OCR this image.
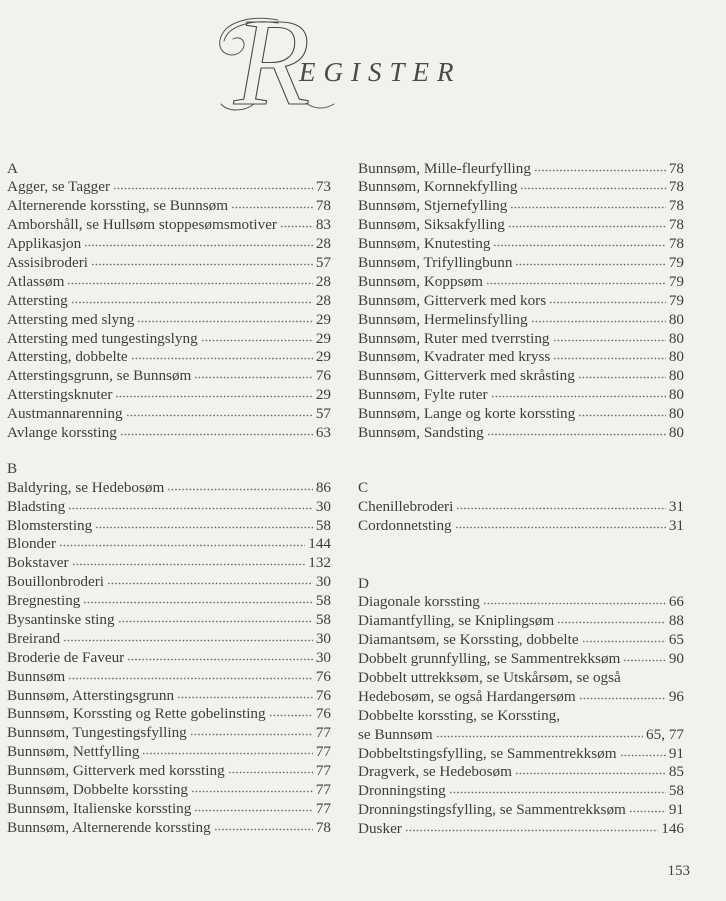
R
EGISTER
A
Agger, se Tagger	73
Alternerende korssting, se Bunnsøm	78
Amborshåll, se Hullsøm stoppesømsmotiver	83
Applikasjon	28
Assisibroderi	57
Atlassøm	28
Attersting	28
Attersting med slyng	29
Attersting med tungestingslyng	29
Attersting, dobbelte	29
Atterstingsgrunn, se Bunnsøm	76
Atterstingsknuter	29
Austmannarenning	57
Avlange korssting	63
B
Baldyring, se Hedebosøm	86
Bladsting	30
Blomstersting	58
Blonder	144
Bokstaver	132
Bouillonbroderi	30
Bregnesting	58
Bysantinske sting	58
Breirand	30
Broderie de Faveur	30
Bunnsøm	76
Bunnsøm, Atterstingsgrunn	76
Bunnsøm, Korssting og Rette gobelinsting	76
Bunnsøm, Tungestingsfylling	77
Bunnsøm, Nettfylling	77
Bunnsøm, Gitterverk med korssting	77
Bunnsøm, Dobbelte korssting	77
Bunnsøm, Italienske korssting	77
Bunnsøm, Alternerende korssting	78
Bunnsøm, Mille-fleurfylling	78
Bunnsøm, Kornnekfylling	78
Bunnsøm, Stjernefylling	78
Bunnsøm, Siksakfylling	78
Bunnsøm, Knutesting	78
Bunnsøm, Trifyllingbunn	79
Bunnsøm, Koppsøm	79
Bunnsøm, Gitterverk med kors	79
Bunnsøm, Hermelinsfylling	80
Bunnsøm, Ruter med tverrsting	80
Bunnsøm, Kvadrater med kryss	80
Bunnsøm, Gitterverk med skråsting	80
Bunnsøm, Fylte ruter	80
Bunnsøm, Lange og korte korssting	80
Bunnsøm, Sandsting	80
C
Chenillebroderi	31
Cordonnetsting	31
D
Diagonale korssting	66
Diamantfylling, se Kniplingsøm	88
Diamantsøm, se Korssting, dobbelte	65
Dobbelt grunnfylling, se Sammentrekksøm	90
Dobbelt uttrekksøm, se Utskårsøm, se også
Hedebosøm, se også Hardangersøm	96
Dobbelte korssting, se Korssting,
se Bunnsøm	65, 77
Dobbeltstingsfylling, se Sammentrekksøm	91
Dragverk, se Hedebosøm	85
Dronningsting	58
Dronningstingsfylling, se Sammentrekksøm	91
Dusker	146
153
